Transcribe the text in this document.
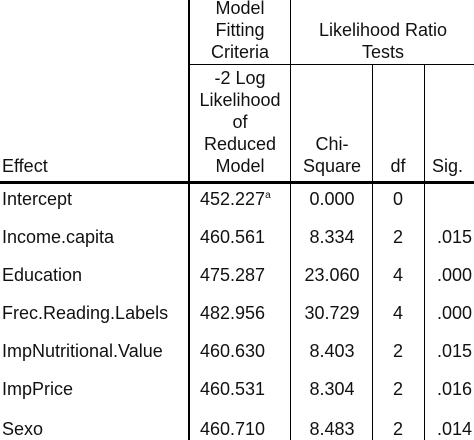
Model
Fitting
Criteria
Likelihood Ratio
Tests
-2 Log
Likelihood
of
Reduced
Model
Chi-
Square	df	Sig.
Effect
Intercept	452.227$^a$	0.000	0
Income.capita	460.561	8.334	2	.015
Education	475.287	23.060	4	.000
Frec.Reading.Labels 482.956	30.729	4	.000
ImpNutritional.Value 460.630	8.403	2	.015
ImpPrice	460.531	8.304	2	.016
Sexo	460.710	8.483	2	.014
